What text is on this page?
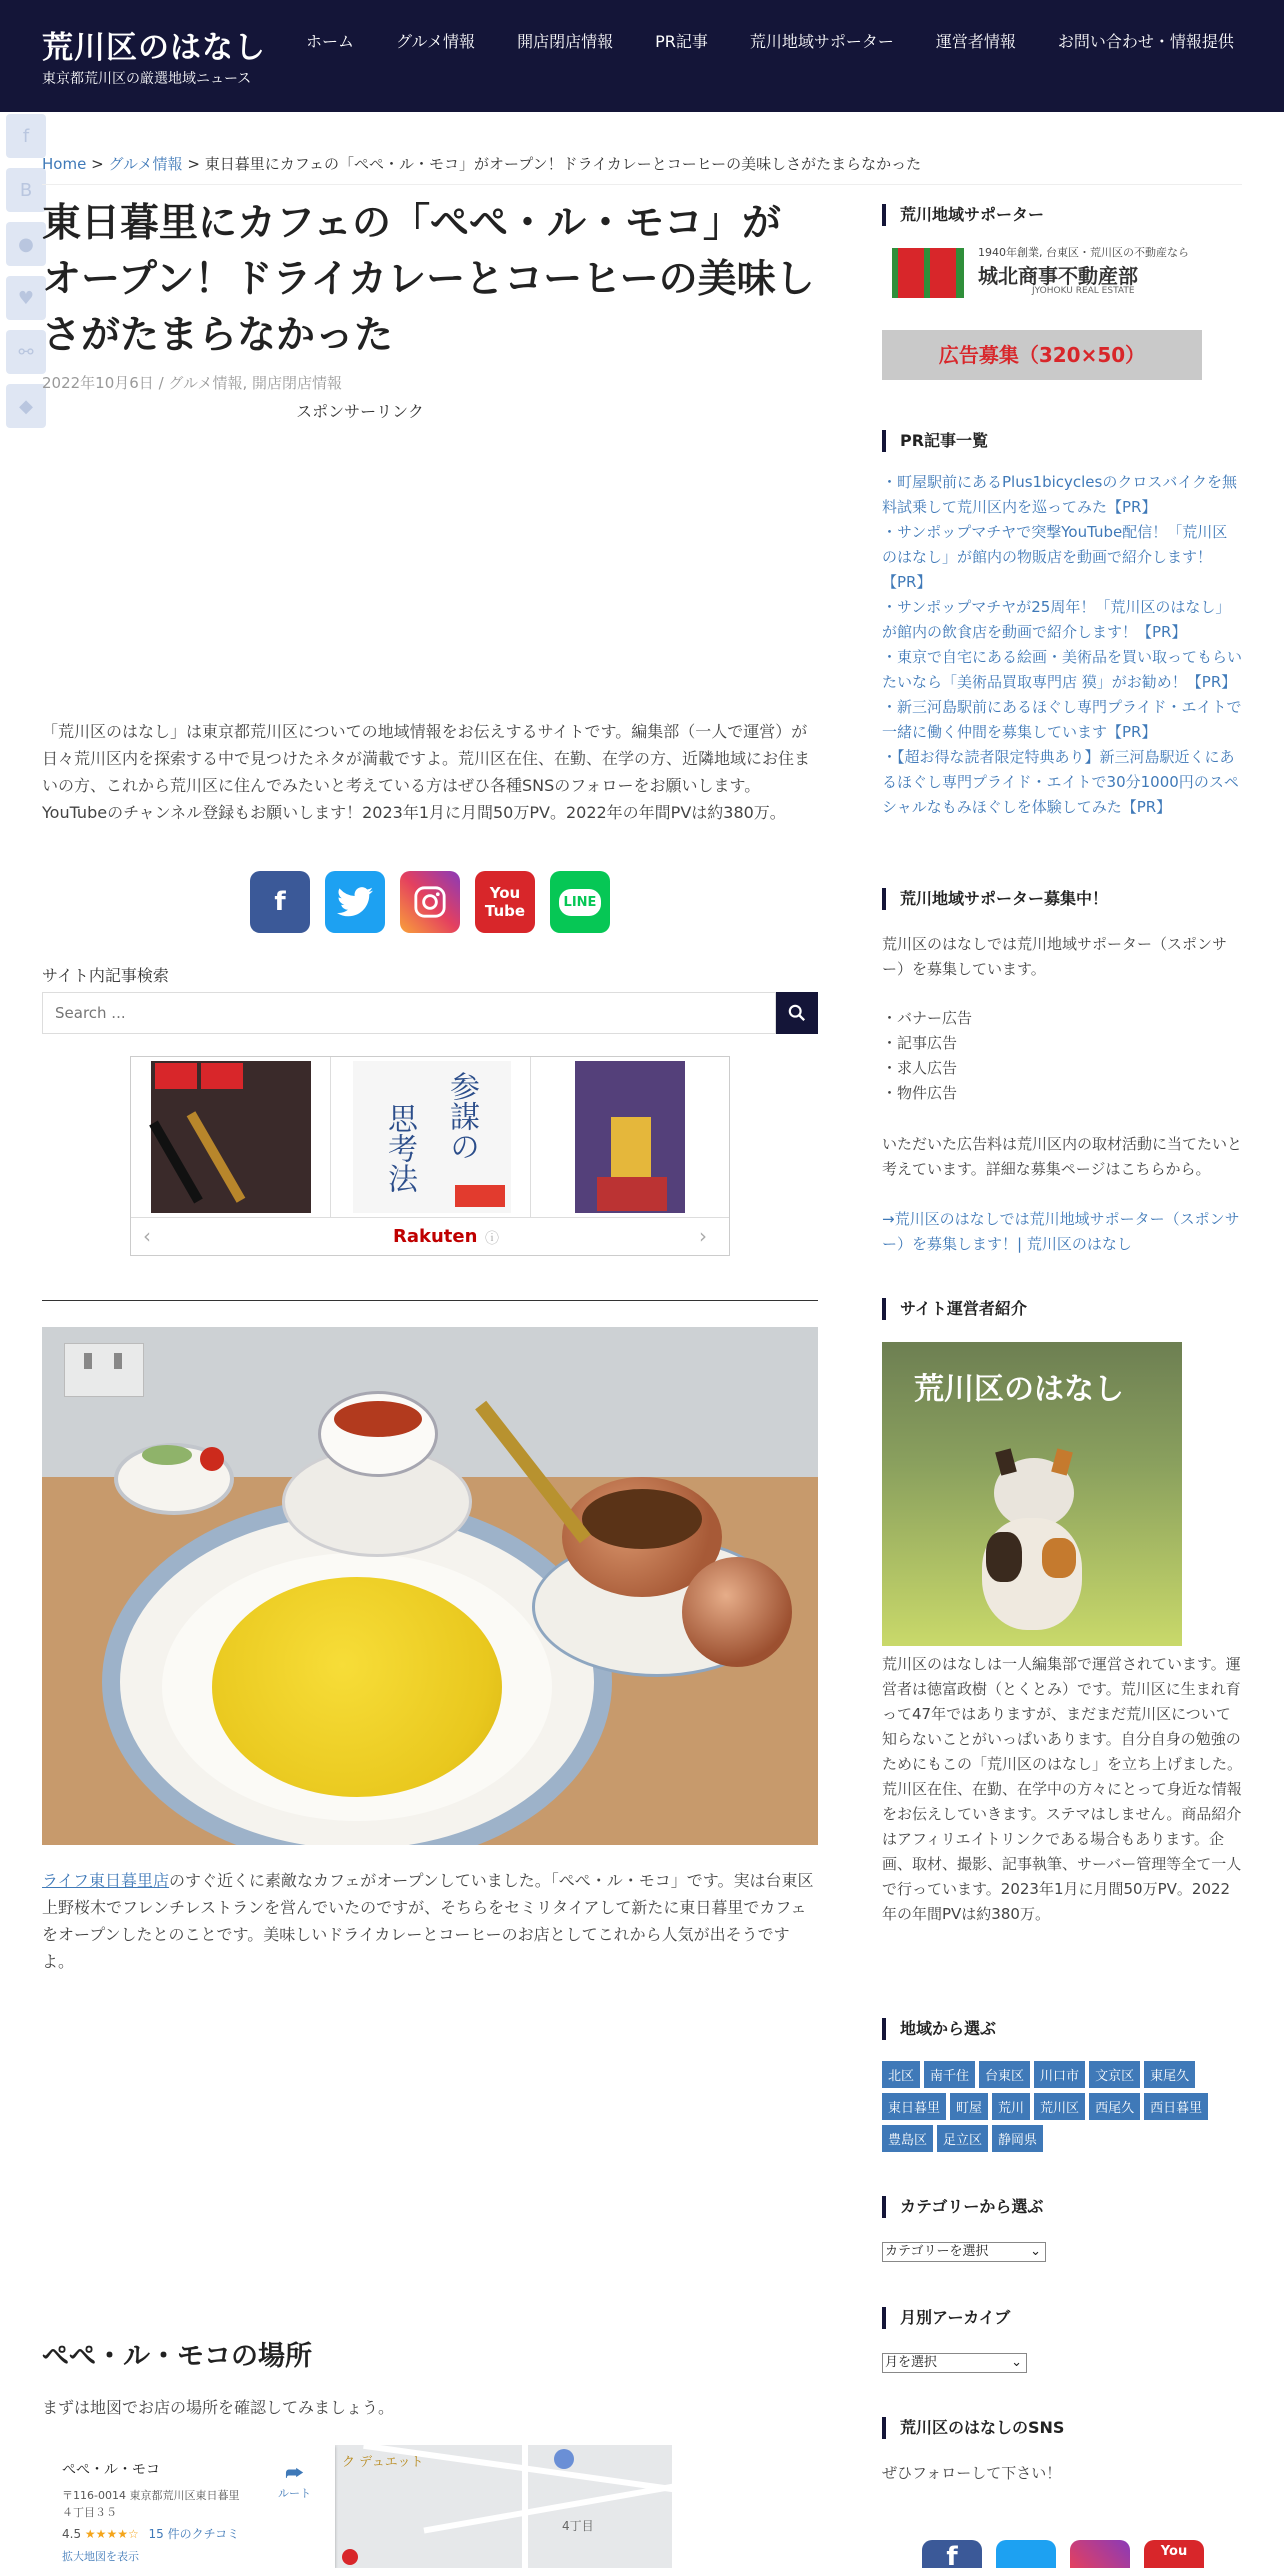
荒川区のはなし
東京都荒川区の厳選地域ニュース
ホーム	グルメ情報	開店閉店情報	PR記事	荒川地域サポーター	運営者情報	お問い合わせ・情報提供
f
B
●
♥
⚯
◆
Home > グルメ情報 > 東日暮里にカフェの「ぺぺ・ル・モコ」がオープン！ドライカレーとコーヒーの美味しさがたまらなかった
東日暮里にカフェの「ぺぺ・ル・モコ」がオープン！ドライカレーとコーヒーの美味しさがたまらなかった
2022年10月6日 / グルメ情報, 開店閉店情報
スポンサーリンク

「荒川区のはなし」は東京都荒川区についての地域情報をお伝えするサイトです。編集部（一人で運営）が日々荒川区内を探索する中で見つけたネタが満載ですよ。荒川区在住、在勤、在学の方、近隣地域にお住まいの方、これから荒川区に住んでみたいと考えている方はぜひ各種SNSのフォローをお願いします。YouTubeのチャンネル登録もお願いします！2023年1月に月間50万PV。2022年の年間PVは約380万。

f	You
Tube	LINE
サイト内記事検索
Search ...
思考法 参謀の
‹	Rakuten ⓘ	›

ライフ東日暮里店のすぐ近くに素敵なカフェがオープンしていました。「ぺぺ・ル・モコ」です。実は台東区上野桜木でフレンチレストランを営んでいたのですが、そちらをセミリタイアして新たに東日暮里でカフェをオープンしたとのことです。美味しいドライカレーとコーヒーのお店としてこれから人気が出そうですよ。

ぺぺ・ル・モコの場所
まずは地図でお店の場所を確認してみましょう。
ク デュエット
4丁目
ぺぺ・ル・モコ
〒116-0014 東京都荒川区東日暮里４丁目３５
4.5 ★★★★☆ 15 件のクチコミ
拡大地図を表示
⮫
ルート
荒川地域サポーター
1940年創業, 台東区・荒川区の不動産なら
城北商事不動産部
JYOHOKU REAL ESTATE
広告募集（320×50）
PR記事一覧
・町屋駅前にあるPlus1bicyclesのクロスバイクを無料試乗して荒川区内を巡ってみた【PR】
・サンポップマチヤで突撃YouTube配信！「荒川区のはなし」が館内の物販店を動画で紹介します！【PR】
・サンポップマチヤが25周年！「荒川区のはなし」が館内の飲食店を動画で紹介します！【PR】
・東京で自宅にある絵画・美術品を買い取ってもらいたいなら「美術品買取専門店 獏」がお勧め！【PR】
・新三河島駅前にあるほぐし専門プライド・エイトで一緒に働く仲間を募集しています【PR】
・【超お得な読者限定特典あり】新三河島駅近くにあるほぐし専門プライド・エイトで30分1000円のスペシャルなもみほぐしを体験してみた【PR】
荒川地域サポーター募集中！
荒川区のはなしでは荒川地域サポーター（スポンサー）を募集しています。
・バナー広告
・記事広告
・求人広告
・物件広告
いただいた広告料は荒川区内の取材活動に当てたいと考えています。詳細な募集ページはこちらから。
→荒川区のはなしでは荒川地域サポーター（スポンサー）を募集します！| 荒川区のはなし
サイト運営者紹介
荒川区のはなし
荒川区のはなしは一人編集部で運営されています。運営者は徳富政樹（とくとみ）です。荒川区に生まれ育って47年ではありますが、まだまだ荒川区について知らないことがいっぱいあります。自分自身の勉強のためにもこの「荒川区のはなし」を立ち上げました。荒川区在住、在勤、在学中の方々にとって身近な情報をお伝えしていきます。ステマはしません。商品紹介はアフィリエイトリンクである場合もあります。企画、取材、撮影、記事執筆、サーバー管理等全て一人で行っています。2023年1月に月間50万PV。2022年の年間PVは約380万。
地域から選ぶ
北区	南千住	台東区	川口市	文京区	東尾久
東日暮里	町屋	荒川	荒川区	西尾久	西日暮里
豊島区	足立区	静岡県
カテゴリーから選ぶ
カテゴリーを選択	⌄
月別アーカイブ
月を選択	⌄
荒川区のはなしのSNS
ぜひフォローして下さい！
f	You
